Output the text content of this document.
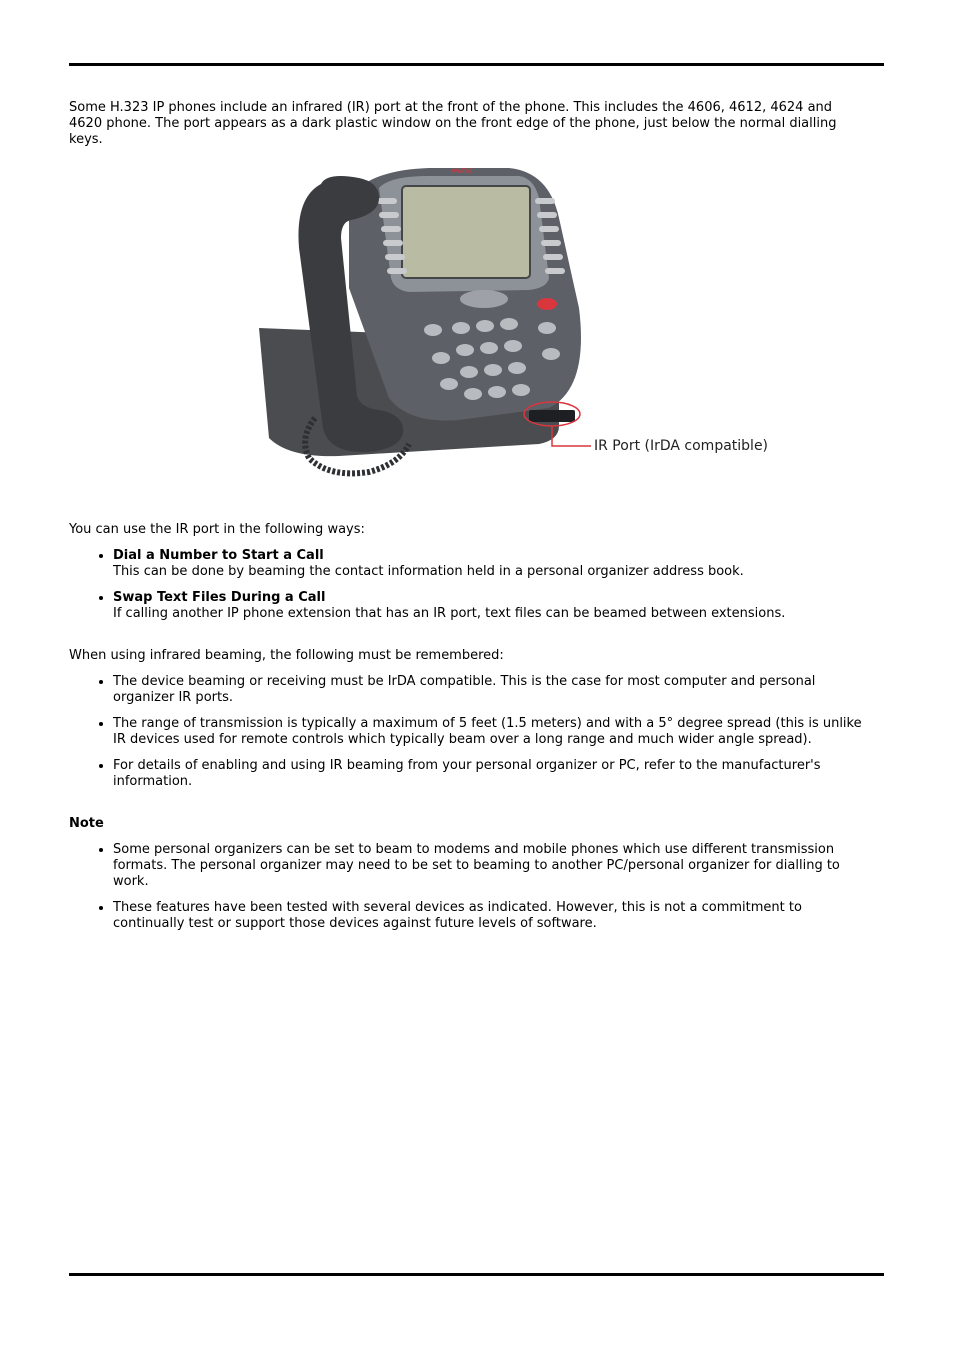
Some H.323 IP phones include an infrared (IR) port at the front of the phone. This includes the 4606, 4612, 4624 and 4620 phone. The port appears as a dark plastic window on the front edge of the phone, just below the normal dialling keys.

AVAYA
IR Port (IrDA compatible)

You can use the IR port in the following ways:

• Dial a Number to Start a Call
This can be done by beaming the contact information held in a personal organizer address book.
• Swap Text Files During a Call
If calling another IP phone extension that has an IR port, text files can be beamed between extensions.

When using infrared beaming, the following must be remembered:

• The device beaming or receiving must be IrDA compatible. This is the case for most computer and personal organizer IR ports.
• The range of transmission is typically a maximum of 5 feet (1.5 meters) and with a 5° degree spread (this is unlike IR devices used for remote controls which typically beam over a long range and much wider angle spread).
• For details of enabling and using IR beaming from your personal organizer or PC, refer to the manufacturer's information.

Note

• Some personal organizers can be set to beam to modems and mobile phones which use different transmission formats. The personal organizer may need to be set to beaming to another PC/personal organizer for dialling to work.
• These features have been tested with several devices as indicated. However, this is not a commitment to continually test or support those devices against future levels of software.
